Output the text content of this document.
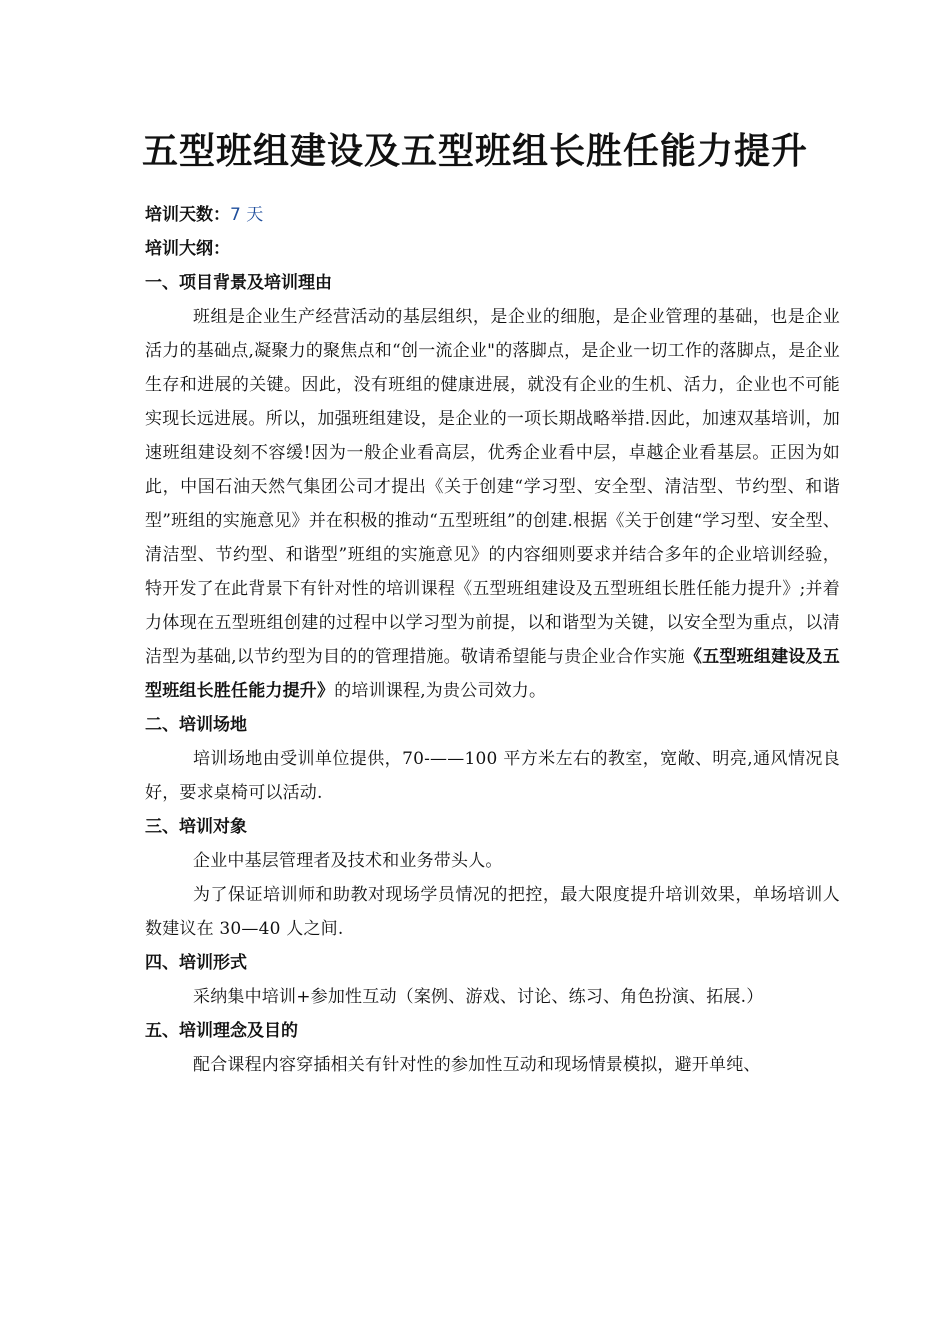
五型班组建设及五型班组长胜任能力提升
培训天数：7 天
培训大纲：
一、项目背景及培训理由

班组是企业生产经营活动的基层组织，是企业的细胞，是企业管理的基础，也是企业活力的基础点,凝聚力的聚焦点和“创一流企业"的落脚点，是企业一切工作的落脚点，是企业生存和进展的关键。因此，没有班组的健康进展，就没有企业的生机、活力，企业也不可能实现长远进展。所以，加强班组建设，是企业的一项长期战略举措.因此，加速双基培训，加速班组建设刻不容缓!因为一般企业看高层，优秀企业看中层，卓越企业看基层。正因为如此，中国石油天然气集团公司才提出《关于创建“学习型、安全型、清洁型、节约型、和谐型”班组的实施意见》并在积极的推动“五型班组”的创建.根据《关于创建“学习型、安全型、清洁型、节约型、和谐型”班组的实施意见》的内容细则要求并结合多年的企业培训经验，特开发了在此背景下有针对性的培训课程《五型班组建设及五型班组长胜任能力提升》;并着力体现在五型班组创建的过程中以学习型为前提，以和谐型为关键，以安全型为重点，以清洁型为基础,以节约型为目的的管理措施。敬请希望能与贵企业合作实施《五型班组建设及五型班组长胜任能力提升》的培训课程,为贵公司效力。

二、培训场地

培训场地由受训单位提供，70-——100 平方米左右的教室，宽敞、明亮,通风情况良好，要求桌椅可以活动.

三、培训对象

企业中基层管理者及技术和业务带头人。

为了保证培训师和助教对现场学员情况的把控，最大限度提升培训效果，单场培训人数建议在 30—40 人之间.

四、培训形式

采纳集中培训+参加性互动（案例、游戏、讨论、练习、角色扮演、拓展.）

五、培训理念及目的

配合课程内容穿插相关有针对性的参加性互动和现场情景模拟，避开单纯、
